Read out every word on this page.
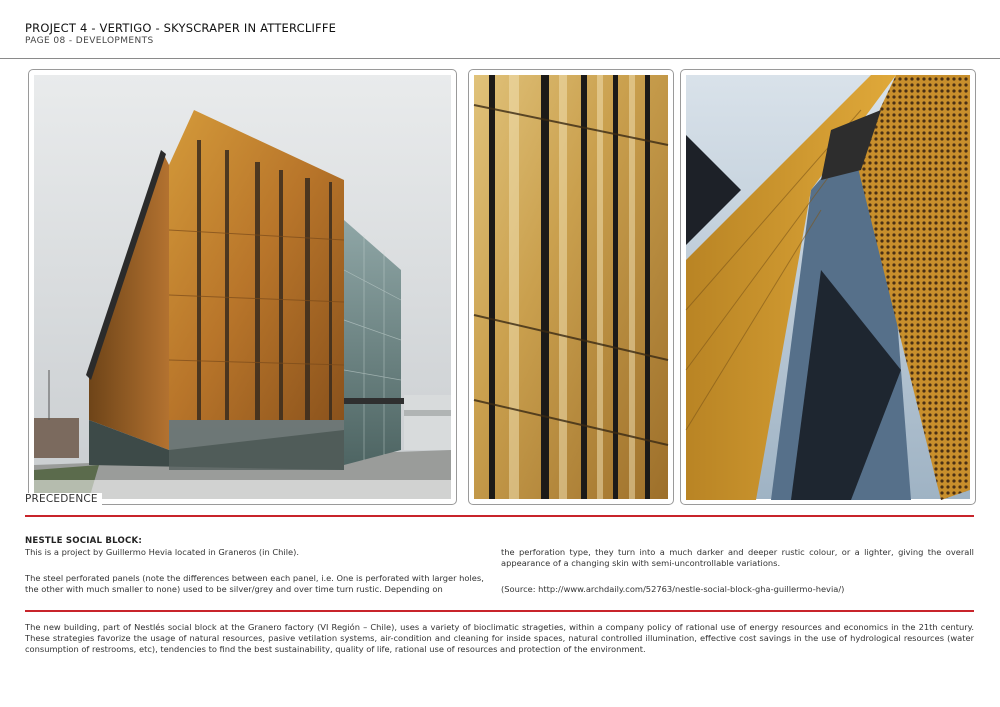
PROJECT 4 - VERTIGO - SKYSCRAPER IN ATTERCLIFFE
PAGE 08 - DEVELOPMENTS
PRECEDENCE
NESTLE SOCIAL BLOCK:
This is a project by Guillermo Hevia located in Graneros (in Chile).
The steel perforated panels (note the differences between each panel, i.e. One is perforated with larger holes, the other with much smaller to none) used to be silver/grey and over time turn rustic. Depending on
the perforation type, they turn into a much darker and deeper rustic colour, or a lighter, giving the overall appearance of a changing skin with semi-uncontrollable variations.
(Source: http://www.archdaily.com/52763/nestle-social-block-gha-guillermo-hevia/)
The new building, part of Nestlés social block at the Granero factory (VI Región – Chile), uses a variety of bioclimatic strageties, within a company policy of rational use of energy resources and economics in the 21th century. These strategies favorize the usage of natural resources, pasive vetilation systems, air-condition and cleaning for inside spaces, natural controlled illumination, effective cost savings in the use of hydrological resources (water consumption of restrooms, etc), tendencies to find the best sustainability, quality of life, rational use of resources and protection of the environment.
